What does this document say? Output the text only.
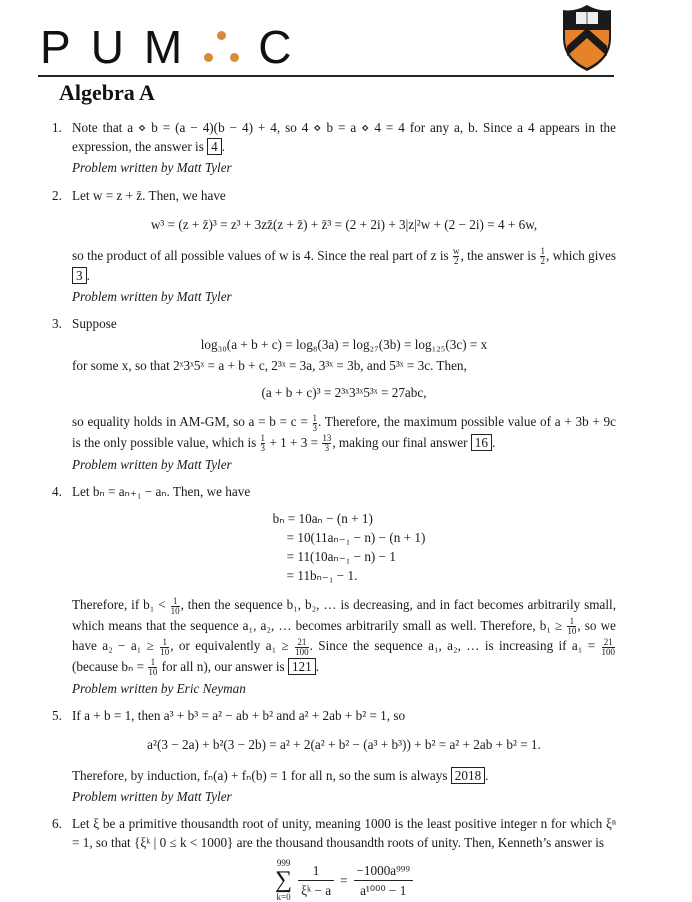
P U M C
Algebra A
1. Note that a ⋄ b = (a − 4)(b − 4) + 4, so 4 ⋄ b = a ⋄ 4 = 4 for any a, b. Since a 4 appears in the expression, the answer is 4 .

Problem written by Matt Tyler

2. Let w = z + z̄. Then, we have

w³ = (z + z̄)³ = z³ + 3zz̄(z + z̄) + z̄³ = (2 + 2i) + 3|z|²w + (2 − 2i) = 4 + 6w,

so the product of all possible values of w is 4. Since the real part of z is $\frac{w}{2}$ , the answer is $\frac{1}{2}$ , which gives 3 .

Problem written by Matt Tyler

3. Suppose

log₃₀(a + b + c) = log₈(3a) = log₂₇(3b) = log₁₂₅(3c) = x

for some x, so that 2ˣ3ˣ5ˣ = a + b + c, 2³ˣ = 3a, 3³ˣ = 3b, and 5³ˣ = 3c. Then,

(a + b + c)³ = 2³ˣ3³ˣ5³ˣ = 27abc,

so equality holds in AM-GM, so $a = b = c = \frac{1}{3}$ . Therefore, the maximum possible value of a + 3b + 9c is the only possible value, which is $\frac{1}{3} + 1 + 3 = \frac{13}{3}$ , making our final answer 16 .

Problem written by Matt Tyler

4. Let bₙ = aₙ₊₁ − aₙ. Then, we have

bₙ = 10aₙ − (n + 1)
= 10(11aₙ₋₁ − n) − (n + 1)
= 11(10aₙ₋₁ − n) − 1
= 11bₙ₋₁ − 1.

Therefore, if $b_1 < \frac{1}{10}$ , then the sequence b₁, b₂, … is decreasing, and in fact becomes arbitrarily small, which means that the sequence a₁, a₂, … becomes arbitrarily small as well. Therefore, $b_1 \ge \frac{1}{10}$ , so we have $a_2 - a_1 \ge \frac{1}{10}$ , or equivalently $a_1 \ge \frac{21}{100}$ . Since the sequence a₁, a₂, … is increasing if $a_1 = \frac{21}{100}$
(because $b_n = \frac{1}{10}$ for all n), our answer is 121 .

Problem written by Eric Neyman

5. If a + b = 1, then a³ + b³ = a² − ab + b² and a² + 2ab + b² = 1, so

a²(3 − 2a) + b²(3 − 2b) = a² + 2(a² + b² − (a³ + b³)) + b² = a² + 2ab + b² = 1.

Therefore, by induction, fₙ(a) + fₙ(b) = 1 for all n, so the sum is always 2018 .

Problem written by Matt Tyler

6. Let ξ be a primitive thousandth root of unity, meaning 1000 is the least positive integer n for which ξⁿ = 1, so that {ξᵏ | 0 ≤ k < 1000} are the thousand thousandth roots of unity. Then, Kenneth’s answer is

999
∑
$k=0 \frac{1}{\text{ξᵏ − a}} = \frac{\text{−1000a⁹⁹⁹}}{\text{a¹⁰⁰⁰ − 1}}$
